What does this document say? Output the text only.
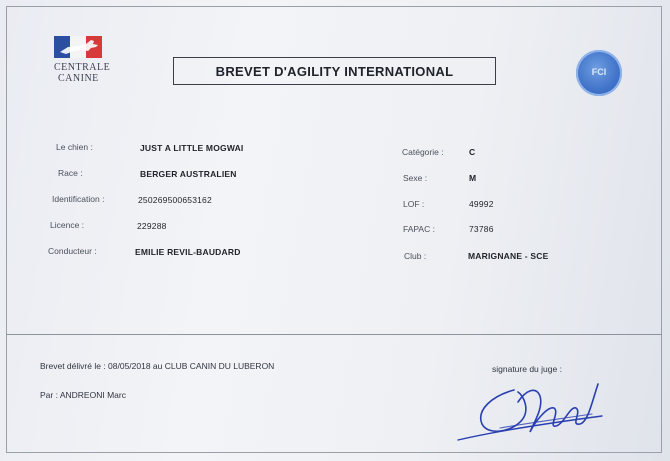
CENTRALE
CANINE	BREVET D'AGILITY INTERNATIONAL	FCI
Le chien :	JUST A LITTLE MOGWAI
Race :	BERGER AUSTRALIEN
Identification :	250269500653162
Licence :	229288
Conducteur :	EMILIE REVIL-BAUDARD
Catégorie :	C
Sexe :	M
LOF :	49992
FAPAC :	73786
Club :	MARIGNANE - SCE
Brevet délivré le : 08/05/2018 au CLUB CANIN DU LUBERON
Par : ANDREONI Marc
signature du juge :
